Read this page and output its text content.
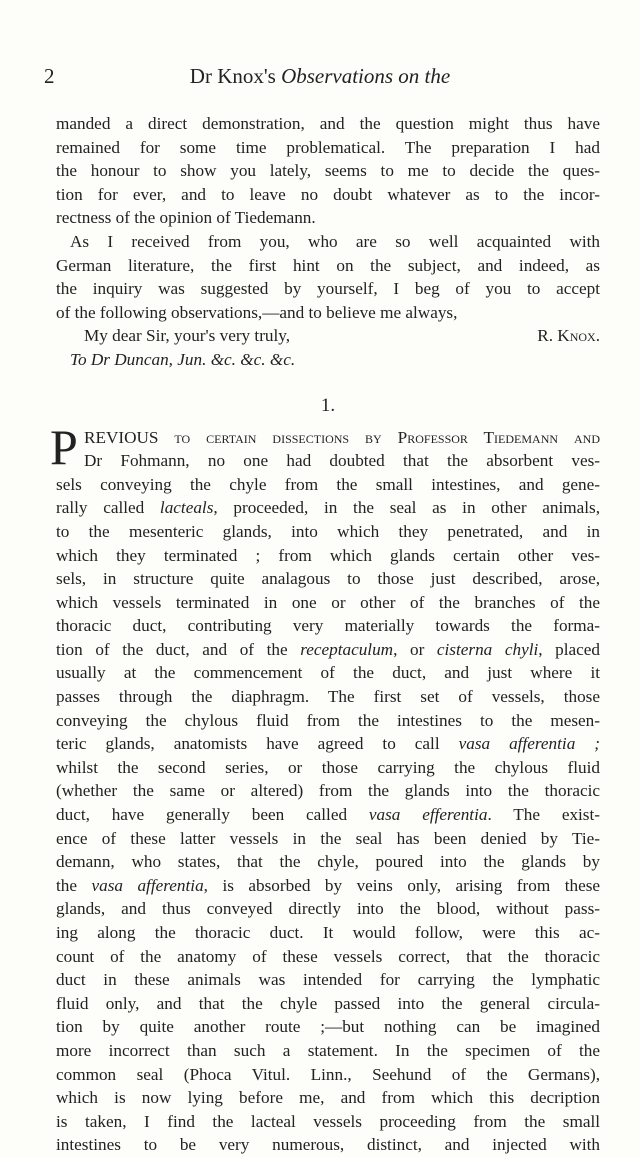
2	Dr Knox's Observations on the
manded a direct demonstration, and the question might thus have
remained for some time problematical. The preparation I had
the honour to show you lately, seems to me to decide the ques-
tion for ever, and to leave no doubt whatever as to the incor-
rectness of the opinion of Tiedemann.
As I received from you, who are so well acquainted with
German literature, the first hint on the subject, and indeed, as
the inquiry was suggested by yourself, I beg of you to accept
of the following observations,—and to believe me always,
My dear Sir, your's very truly,	R. Knox.
To Dr Duncan, Jun. &c. &c. &c.
1.
P REVIOUS to certain dissections by Professor Tiedemann and
Dr Fohmann, no one had doubted that the absorbent ves-
sels conveying the chyle from the small intestines, and gene-
rally called lacteals, proceeded, in the seal as in other animals,
to the mesenteric glands, into which they penetrated, and in
which they terminated ; from which glands certain other ves-
sels, in structure quite analagous to those just described, arose,
which vessels terminated in one or other of the branches of the
thoracic duct, contributing very materially towards the forma-
tion of the duct, and of the receptaculum, or cisterna chyli, placed
usually at the commencement of the duct, and just where it
passes through the diaphragm. The first set of vessels, those
conveying the chylous fluid from the intestines to the mesen-
teric glands, anatomists have agreed to call vasa afferentia ;
whilst the second series, or those carrying the chylous fluid
(whether the same or altered) from the glands into the thoracic
duct, have generally been called vasa efferentia. The exist-
ence of these latter vessels in the seal has been denied by Tie-
demann, who states, that the chyle, poured into the glands by
the vasa afferentia, is absorbed by veins only, arising from these
glands, and thus conveyed directly into the blood, without pass-
ing along the thoracic duct. It would follow, were this ac-
count of the anatomy of these vessels correct, that the thoracic
duct in these animals was intended for carrying the lymphatic
fluid only, and that the chyle passed into the general circula-
tion by quite another route ;—but nothing can be imagined
more incorrect than such a statement. In the specimen of the
common seal (Phoca Vitul. Linn., Seehund of the Germans),
which is now lying before me, and from which this decription
is taken, I find the lacteal vessels proceeding from the small
intestines to be very numerous, distinct, and injected with
